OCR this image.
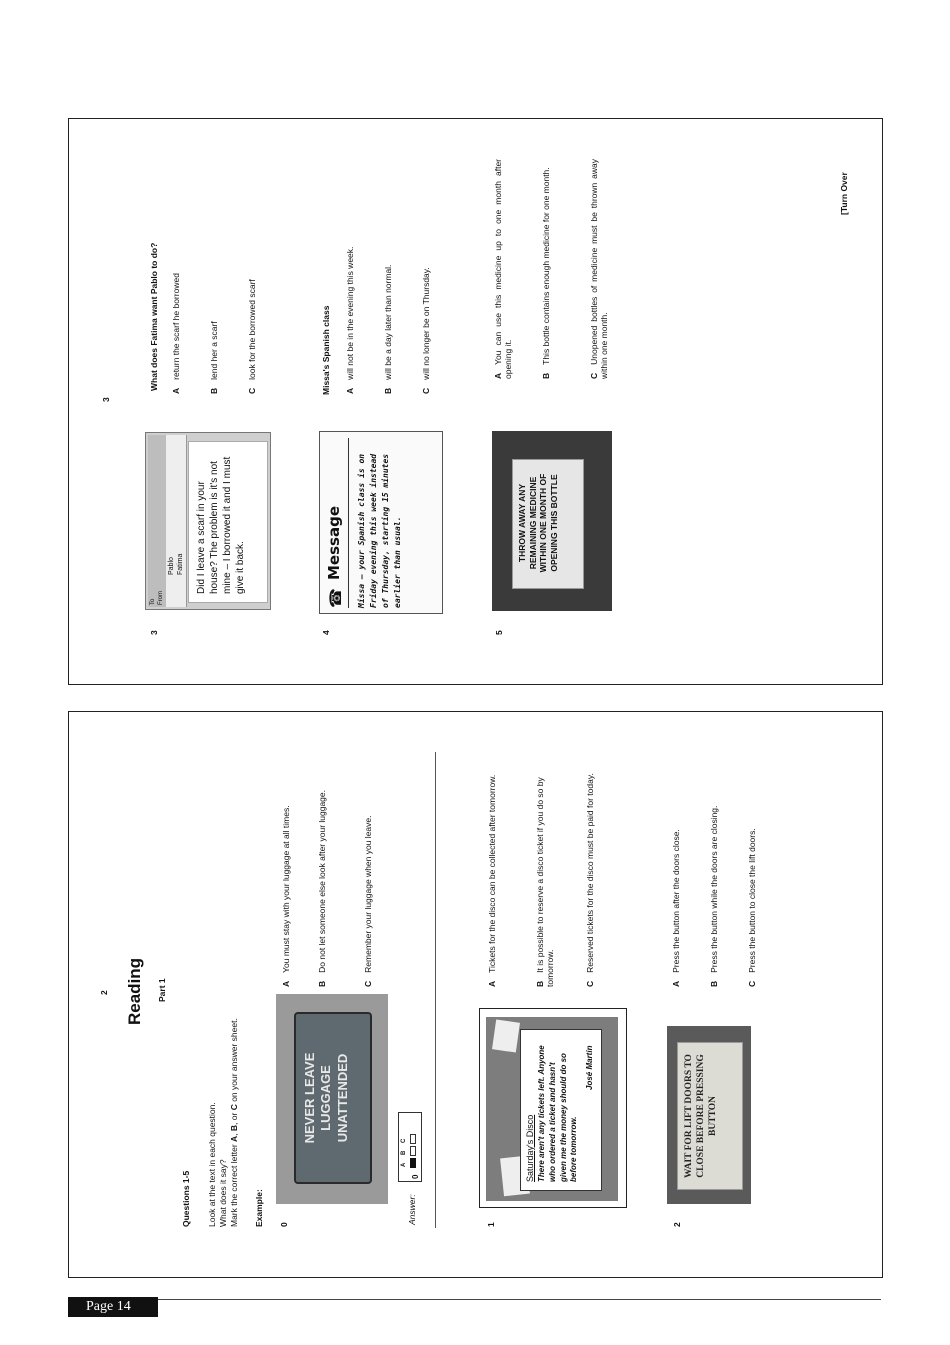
3
3
To From
Pablo Fatima Did I leave a scarf in your house? The problem is it's not mine – I borrowed it and I must give it back.
What does Fatima want Pablo to do? Areturn the scarf he borrowed
Blend her a scarf
Clook for the borrowed scarf
4
☎
Message Missa – your Spanish class is on Friday evening this week instead of Thursday, starting 15 minutes earlier than usual.
Missa's Spanish class Awill not be in the evening this week.
Bwill be a day later than normal.
Cwill no longer be on Thursday.
5
THROW AWAY ANY REMAINING MEDICINE WITHIN ONE MONTH OF OPENING THIS BOTTLE
AYou can use this medicine up to one month after opening it.	BThis bottle contains enough medicine for one month.
CUnopened bottles of medicine must be thrown away within one month.
[Turn Over
2 Reading Part 1
Questions 1-5 Look at the text in each question. What does it say? Mark the correct letter A, B, or C on your answer sheet.
Example: 0
NEVER LEAVE LUGGAGE UNATTENDED
AYou must stay with your luggage at all times.
BDo not let someone else look after your luggage.
CRemember your luggage when you leave.
Answer:
0
A
B
C
1
Saturday's Disco There aren't any tickets left. Anyone who ordered a ticket and hasn't given me the money should do so before tomorrow.
José Martin
ATickets for the disco can be collected after tomorrow.
BIt is possible to reserve a disco ticket if you do so by tomorrow.	CReserved tickets for the disco must be paid for today.
2
WAIT FOR LIFT DOORS TO CLOSE BEFORE PRESSING BUTTON
APress the button after the doors close.
BPress the button while the doors are closing.
CPress the button to close the lift doors.
Page 14
